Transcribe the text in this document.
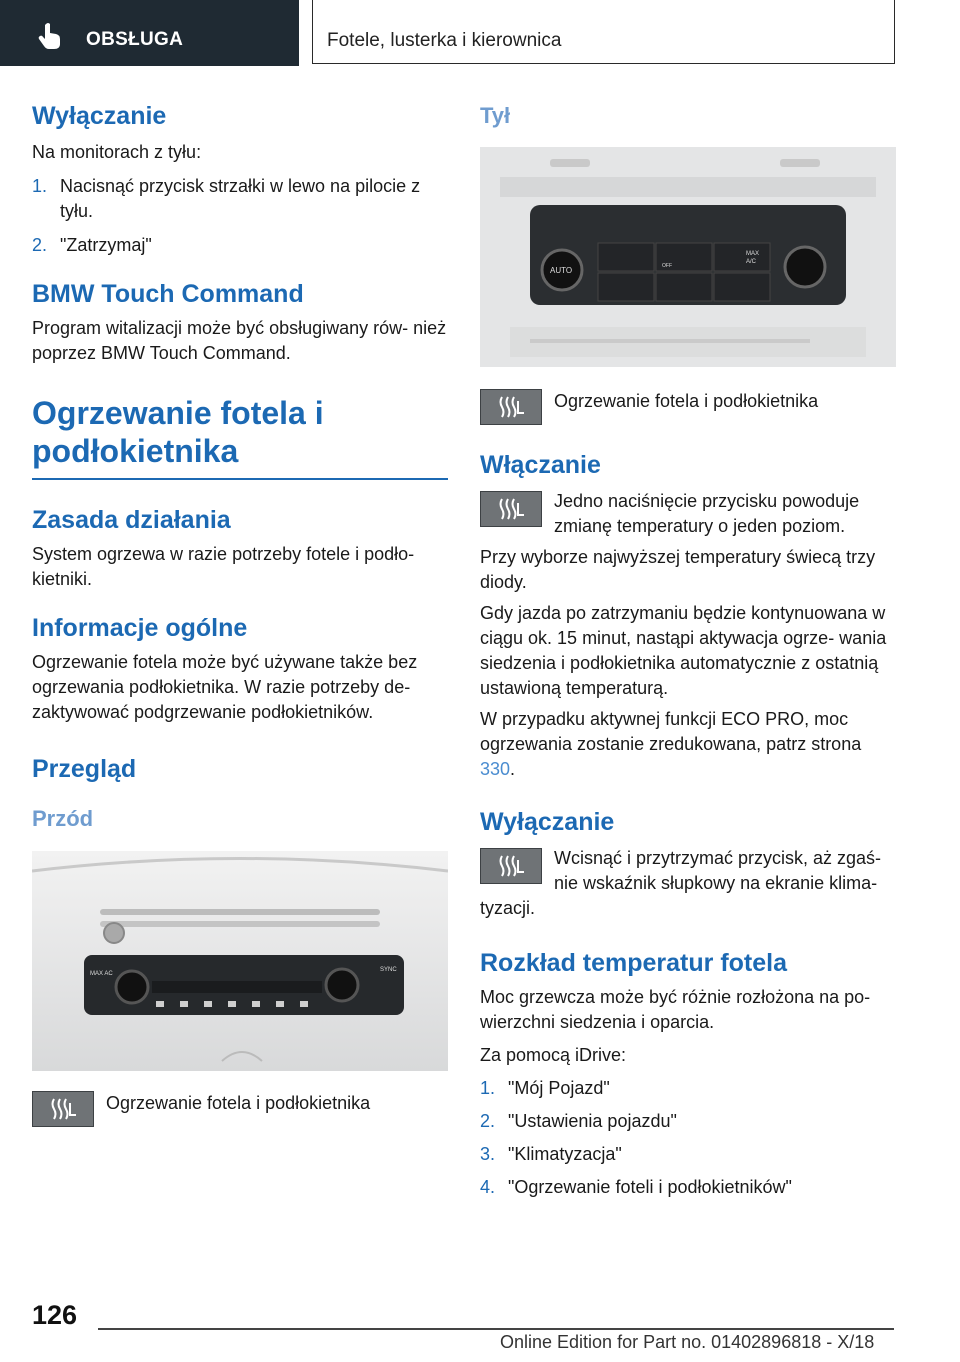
OBSŁUGA	Fotele, lusterka i kierownica
Wyłączanie

Na monitorach z tyłu:

1. Nacisnąć przycisk strzałki w lewo na pilocie z tyłu.
2. "Zatrzymaj"
BMW Touch Command

Program witalizacji może być obsługiwany rów- nież poprzez BMW Touch Command.

Ogrzewanie fotela i podłokietnika
Zasada działania

System ogrzewa w razie potrzeby fotele i podło- kietniki.

Informacje ogólne

Ogrzewanie fotela może być używane także bez ogrzewania podłokietnika. W razie potrzeby de- zaktywować podgrzewanie podłokietników.

Przegląd
Przód
MAX AC
SYNC

Ogrzewanie fotela i podłokietnika

Tył
AUTO	OFF
MAX
A/C

Ogrzewanie fotela i podłokietnika

Włączanie

Jedno naciśnięcie przycisku powoduje zmianę temperatury o jeden poziom.

Przy wyborze najwyższej temperatury świecą trzy diody.

Gdy jazda po zatrzymaniu będzie kontynuowana w ciągu ok. 15 minut, nastąpi aktywacja ogrze- wania siedzenia i podłokietnika automatycznie z ostatnią ustawioną temperaturą.

W przypadku aktywnej funkcji ECO PRO, moc ogrzewania zostanie zredukowana, patrz strona 330.

Wyłączanie

Wcisnąć i przytrzymać przycisk, aż zgaś- nie wskaźnik słupkowy na ekranie klima-

tyzacji.

Rozkład temperatur fotela

Moc grzewcza może być różnie rozłożona na po- wierzchni siedzenia i oparcia.

Za pomocą iDrive:

1. "Mój Pojazd"
2. "Ustawienia pojazdu"
3. "Klimatyzacja"
4. "Ogrzewanie foteli i podłokietników"
126
Online Edition for Part no. 01402896818 - X/18
